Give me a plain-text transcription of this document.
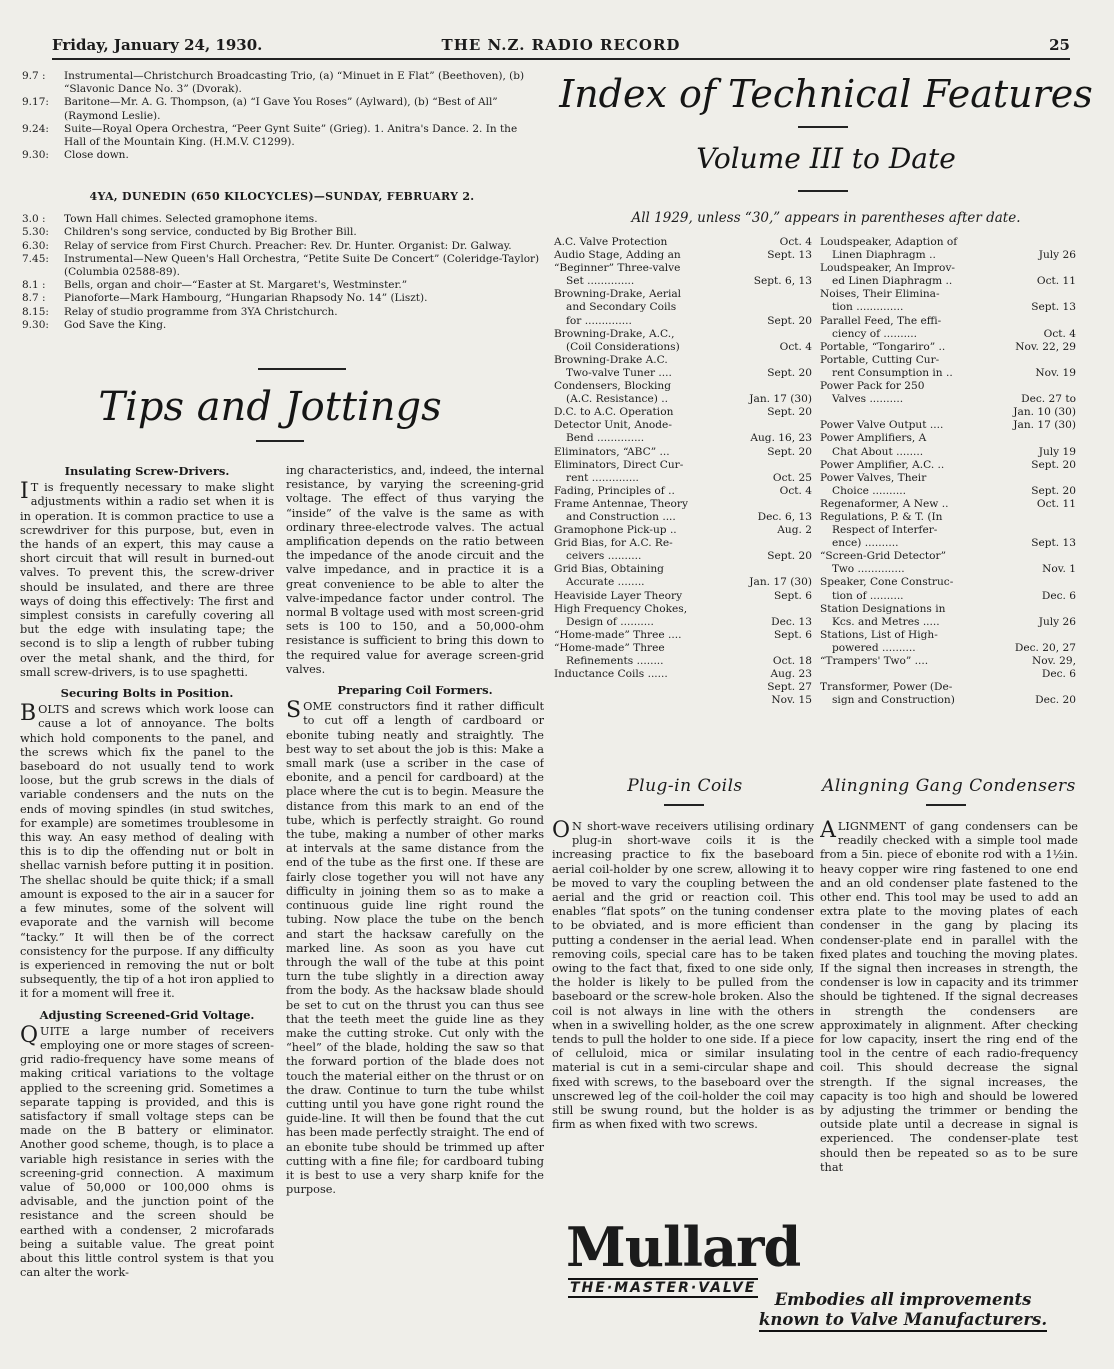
Friday, January 24, 1930.	THE N.Z. RADIO RECORD	25
9.7 :	Instrumental—Christchurch Broadcasting Trio, (a) “Minuet in E Flat” (Beethoven), (b) “Slavonic Dance No. 3” (Dvorak).
9.17:	Baritone—Mr. A. G. Thompson, (a) “I Gave You Roses” (Aylward), (b) “Best of All” (Raymond Leslie).
9.24:	Suite—Royal Opera Orchestra, “Peer Gynt Suite” (Grieg). 1. Anitra's Dance. 2. In the Hall of the Mountain King. (H.M.V. C1299).
9.30:	Close down.
4YA, DUNEDIN (650 KILOCYCLES)—SUNDAY, FEBRUARY 2.
3.0 :	Town Hall chimes. Selected gramophone items.
5.30:	Children's song service, conducted by Big Brother Bill.
6.30:	Relay of service from First Church. Preacher: Rev. Dr. Hunter. Organist: Dr. Galway.
7.45:	Instrumental—New Queen's Hall Orchestra, “Petite Suite De Concert” (Coleridge-Taylor) (Columbia 02588-89).
8.1 :	Bells, organ and choir—“Easter at St. Margaret's, Westminster.”
8.7 :	Pianoforte—Mark Hambourg, “Hungarian Rhapsody No. 14” (Liszt).
8.15:	Relay of studio programme from 3YA Christchurch.
9.30:	God Save the King.
Tips and Jottings
Insulating Screw-Drivers.

I T is frequently necessary to make slight adjustments within a radio set when it is in operation. It is common practice to use a screwdriver for this purpose, but, even in the hands of an expert, this may cause a short circuit that will result in burned-out valves. To prevent this, the screw-driver should be insulated, and there are three ways of doing this effectively: The first and simplest consists in carefully covering all but the edge with insulating tape; the second is to slip a length of rubber tubing over the metal shank, and the third, for small screw-drivers, is to use spaghetti.

Securing Bolts in Position.

BOLTS and screws which work loose can cause a lot of annoyance. The bolts which hold components to the panel, and the screws which fix the panel to the baseboard do not usually tend to work loose, but the grub screws in the dials of variable condensers and the nuts on the ends of moving spindles (in stud switches, for example) are sometimes troublesome in this way. An easy method of dealing with this is to dip the offending nut or bolt in shellac varnish before putting it in position. The shellac should be quite thick; if a small amount is exposed to the air in a saucer for a few minutes, some of the solvent will evaporate and the varnish will become “tacky.” It will then be of the correct consistency for the purpose. If any difficulty is experienced in removing the nut or bolt subsequently, the tip of a hot iron applied to it for a moment will free it.

Adjusting Screened-Grid Voltage.

QUITE a large number of receivers employing one or more stages of screen-grid radio-frequency have some means of making critical variations to the voltage applied to the screening grid. Sometimes a separate tapping is provided, and this is satisfactory if small voltage steps can be made on the B battery or eliminator. Another good scheme, though, is to place a variable high resistance in series with the screening-grid connection. A maximum value of 50,000 or 100,000 ohms is advisable, and the junction point of the resistance and the screen should be earthed with a condenser, 2 microfarads being a suitable value. The great point about this little control system is that you can alter the work-

ing characteristics, and, indeed, the internal resistance, by varying the screening-grid voltage. The effect of thus varying the “inside” of the valve is the same as with ordinary three-electrode valves. The actual amplification depends on the ratio between the impedance of the anode circuit and the valve impedance, and in practice it is a great convenience to be able to alter the valve-impedance factor under control. The normal B voltage used with most screen-grid sets is 100 to 150, and a 50,000-ohm resistance is sufficient to bring this down to the required value for average screen-grid valves.

Preparing Coil Formers.

SOME constructors find it rather difficult to cut off a length of cardboard or ebonite tubing neatly and straightly. The best way to set about the job is this: Make a small mark (use a scriber in the case of ebonite, and a pencil for cardboard) at the place where the cut is to begin. Measure the distance from this mark to an end of the tube, which is perfectly straight. Go round the tube, making a number of other marks at intervals at the same distance from the end of the tube as the first one. If these are fairly close together you will not have any difficulty in joining them so as to make a continuous guide line right round the tubing. Now place the tube on the bench and start the hacksaw carefully on the marked line. As soon as you have cut through the wall of the tube at this point turn the tube slightly in a direction away from the body. As the hacksaw blade should be set to cut on the thrust you can thus see that the teeth meet the guide line as they make the cutting stroke. Cut only with the “heel” of the blade, holding the saw so that the forward portion of the blade does not touch the material either on the thrust or on the draw. Continue to turn the tube whilst cutting until you have gone right round the guide-line. It will then be found that the cut has been made perfectly straight. The end of an ebonite tube should be trimmed up after cutting with a fine file; for cardboard tubing it is best to use a very sharp knife for the purpose.

Index of Technical Features
Volume III to Date
All 1929, unless “30,” appears in parentheses after date.
A.C. Valve Protection	Oct. 4
Audio Stage, Adding an	Sept. 13
“Beginner” Three-valve
Set ..............	Sept. 6, 13
Browning-Drake, Aerial
and Secondary Coils
for ..............	Sept. 20
Browning-Drake, A.C.,
(Coil Considerations)	Oct. 4
Browning-Drake A.C.
Two-valve Tuner ....	Sept. 20
Condensers, Blocking
(A.C. Resistance) ..	Jan. 17 (30)
D.C. to A.C. Operation	Sept. 20
Detector Unit, Anode-
Bend ..............	Aug. 16, 23
Eliminators, “ABC” ...	Sept. 20
Eliminators, Direct Cur-
rent ..............	Oct. 25
Fading, Principles of ..	Oct. 4
Frame Antennae, Theory
and Construction ....	Dec. 6, 13
Gramophone Pick-up ..	Aug. 2
Grid Bias, for A.C. Re-
ceivers ..........	Sept. 20
Grid Bias, Obtaining
Accurate ........	Jan. 17 (30)
Heaviside Layer Theory	Sept. 6
High Frequency Chokes,
Design of ..........	Dec. 13
“Home-made” Three ....	Sept. 6
“Home-made” Three
Refinements ........	Oct. 18
Inductance Coils ......	Aug. 23
Sept. 27
Nov. 15
Loudspeaker, Adaption of
Linen Diaphragm ..	July 26
Loudspeaker, An Improv-
ed Linen Diaphragm ..	Oct. 11
Noises, Their Elimina-
tion ..............	Sept. 13
Parallel Feed, The effi-
ciency of ..........	Oct. 4
Portable, “Tongariro” ..	Nov. 22, 29
Portable, Cutting Cur-
rent Consumption in ..	Nov. 19
Power Pack for 250
Valves ..........	Dec. 27 to
Jan. 10 (30)
Power Valve Output ....	Jan. 17 (30)
Power Amplifiers, A
Chat About ........	July 19
Power Amplifier, A.C. ..	Sept. 20
Power Valves, Their
Choice ..........	Sept. 20
Regenaformer, A New ..	Oct. 11
Regulations, P. & T. (In
Respect of Interfer-
ence) ..........	Sept. 13
“Screen-Grid Detector”
Two ..............	Nov. 1
Speaker, Cone Construc-
tion of ..........	Dec. 6
Station Designations in
Kcs. and Metres .....	July 26
Stations, List of High-
powered ..........	Dec. 20, 27
“Trampers' Two” ....	Nov. 29,
Dec. 6
Transformer, Power (De-
sign and Construction)	Dec. 20
Plug-in Coils

O N short-wave receivers utilising ordinary plug-in short-wave coils it is the increasing practice to fix the baseboard aerial coil-holder by one screw, allowing it to be moved to vary the coupling between the aerial and the grid or reaction coil. This enables “flat spots” on the tuning condenser to be obviated, and is more efficient than putting a condenser in the aerial lead. When removing coils, special care has to be taken owing to the fact that, fixed to one side only, the holder is likely to be pulled from the baseboard or the screw-hole broken. Also the coil is not always in line with the others when in a swivelling holder, as the one screw tends to pull the holder to one side. If a piece of celluloid, mica or similar insulating material is cut in a semi-circular shape and fixed with screws, to the baseboard over the unscrewed leg of the coil-holder the coil may still be swung round, but the holder is as firm as when fixed with two screws.

Alingning Gang Condensers

ALIGNMENT of gang condensers can be readily checked with a simple tool made from a 5in. piece of ebonite rod with a 1½in. heavy copper wire ring fastened to one end and an old condenser plate fastened to the other end. This tool may be used to add an extra plate to the moving plates of each condenser in the gang by placing its condenser-plate end in parallel with the fixed plates and touching the moving plates. If the signal then increases in strength, the condenser is low in capacity and its trimmer should be tightened. If the signal decreases in strength the condensers are approximately in alignment. After checking for low capacity, insert the ring end of the tool in the centre of each radio-frequency coil. This should decrease the signal strength. If the signal increases, the capacity is too high and should be lowered by adjusting the trimmer or bending the outside plate until a decrease in signal is experienced. The condenser-plate test should then be repeated so as to be sure that

Mullard
THE·MASTER·VALVE
Embodies all improvements
known to Valve Manufacturers.
